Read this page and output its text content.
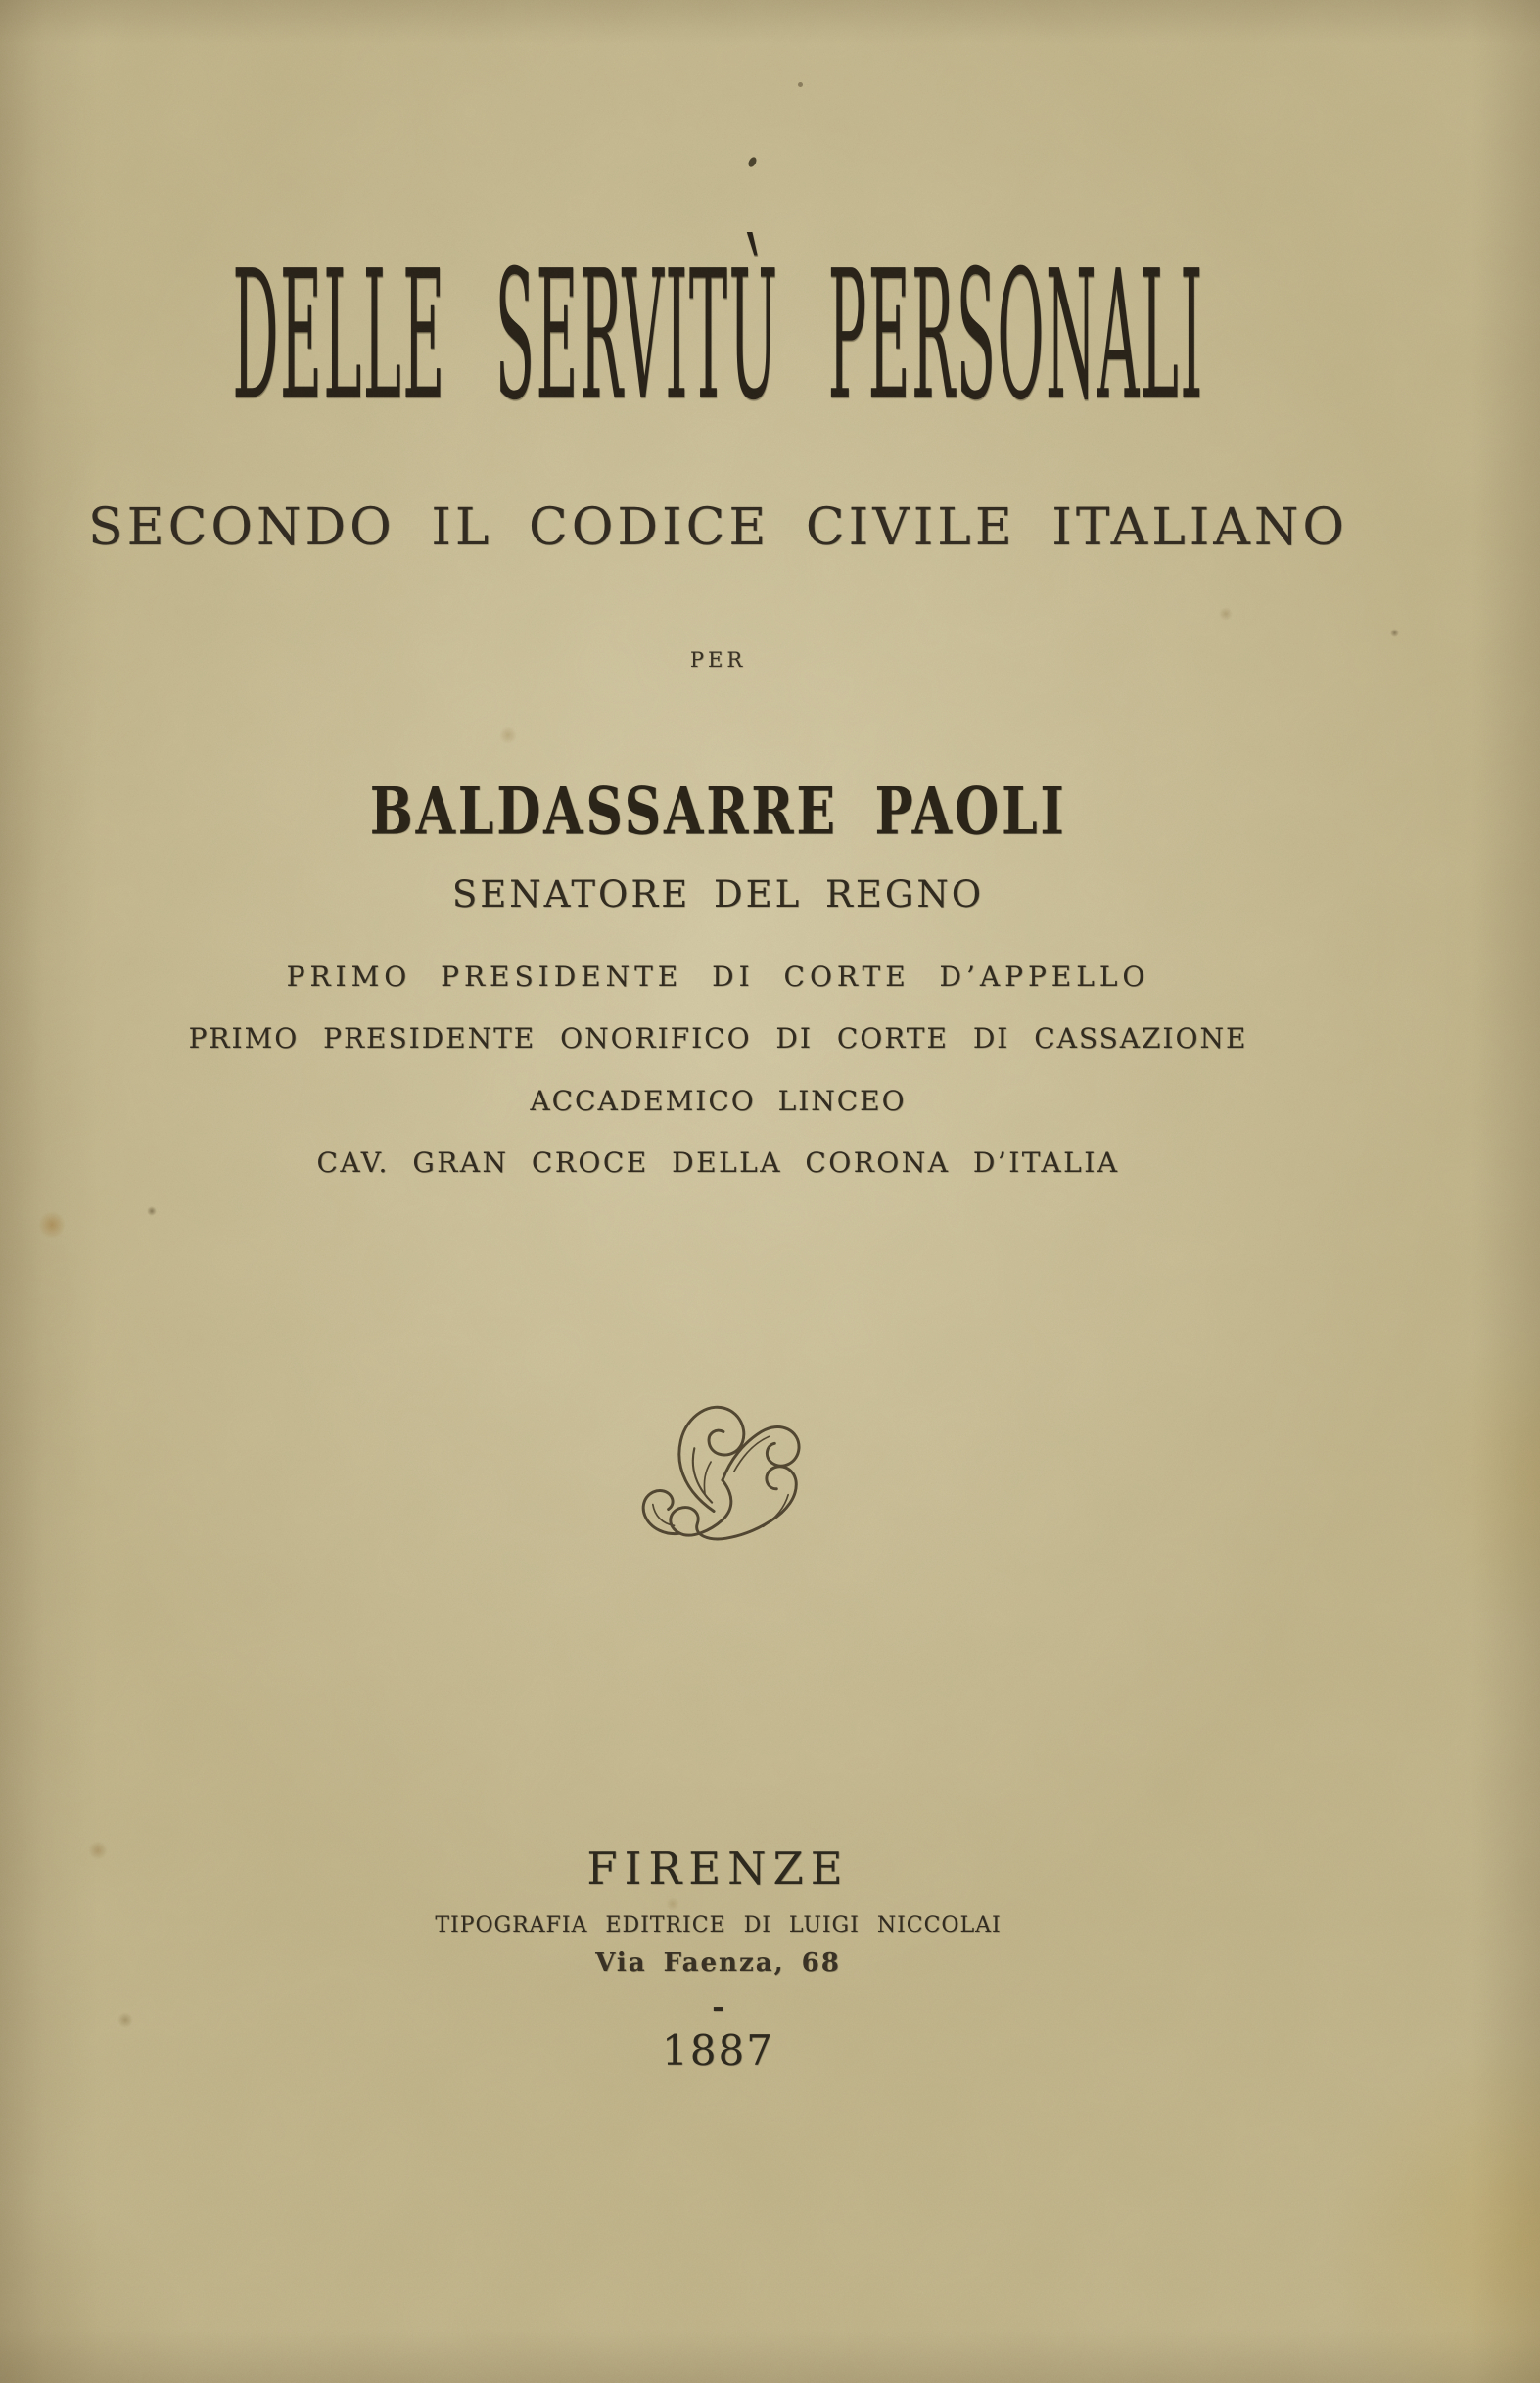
DELLE SERVITÙ PERSONALI
SECONDO IL CODICE CIVILE ITALIANO
PER
BALDASSARRE PAOLI
SENATORE DEL REGNO
PRIMO PRESIDENTE DI CORTE D’APPELLO
PRIMO PRESIDENTE ONORIFICO DI CORTE DI CASSAZIONE
ACCADEMICO LINCEO
CAV. GRAN CROCE DELLA CORONA D’ITALIA
FIRENZE
TIPOGRAFIA EDITRICE DI LUIGI NICCOLAI
Via Faenza, 68
-
1887
